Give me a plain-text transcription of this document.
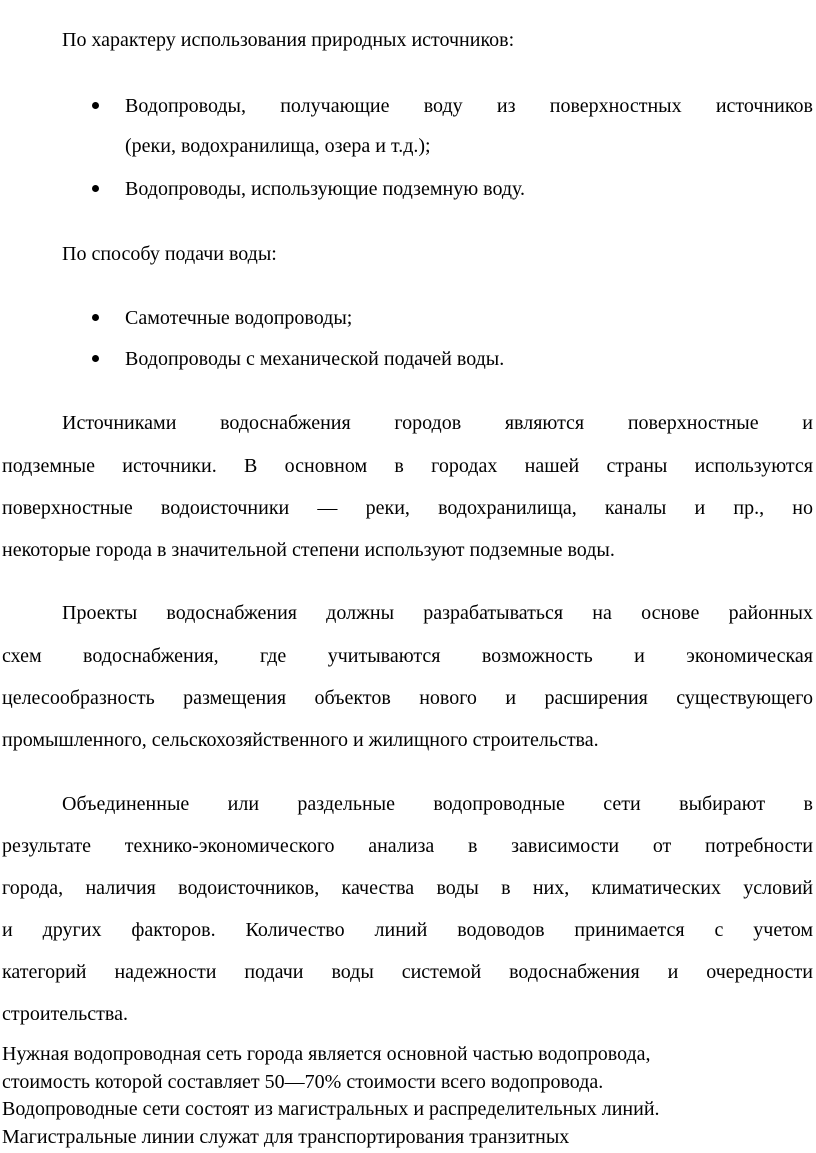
По характеру использования природных источников:

Водопроводы, получающие воду из поверхностных источников

(реки, водохранилища, озера и т.д.);

Водопроводы, использующие подземную воду.

По способу подачи воды:

Самотечные водопроводы;

Водопроводы с механической подачей воды.

Источниками водоснабжения городов являются поверхностные и

подземные источники. В основном в городах нашей страны используются

поверхностные водоисточники — реки, водохранилища, каналы и пр., но

некоторые города в значительной степени используют подземные воды.

Проекты водоснабжения должны разрабатываться на основе районных

схем водоснабжения, где учитываются возможность и экономическая

целесообразность размещения объектов нового и расширения существующего

промышленного, сельскохозяйственного и жилищного строительства.

Объединенные или раздельные водопроводные сети выбирают в

результате технико-экономического анализа в зависимости от потребности

города, наличия водоисточников, качества воды в них, климатических условий

и других факторов. Количество линий водоводов принимается с учетом

категорий надежности подачи воды системой водоснабжения и очередности

строительства.

Нужная водопроводная сеть города является основной частью водопровода,

стоимость которой составляет 50—70% стоимости всего водопровода.

Водопроводные сети состоят из магистральных и распределительных линий.

Магистральные линии служат для транспортирования транзитных
